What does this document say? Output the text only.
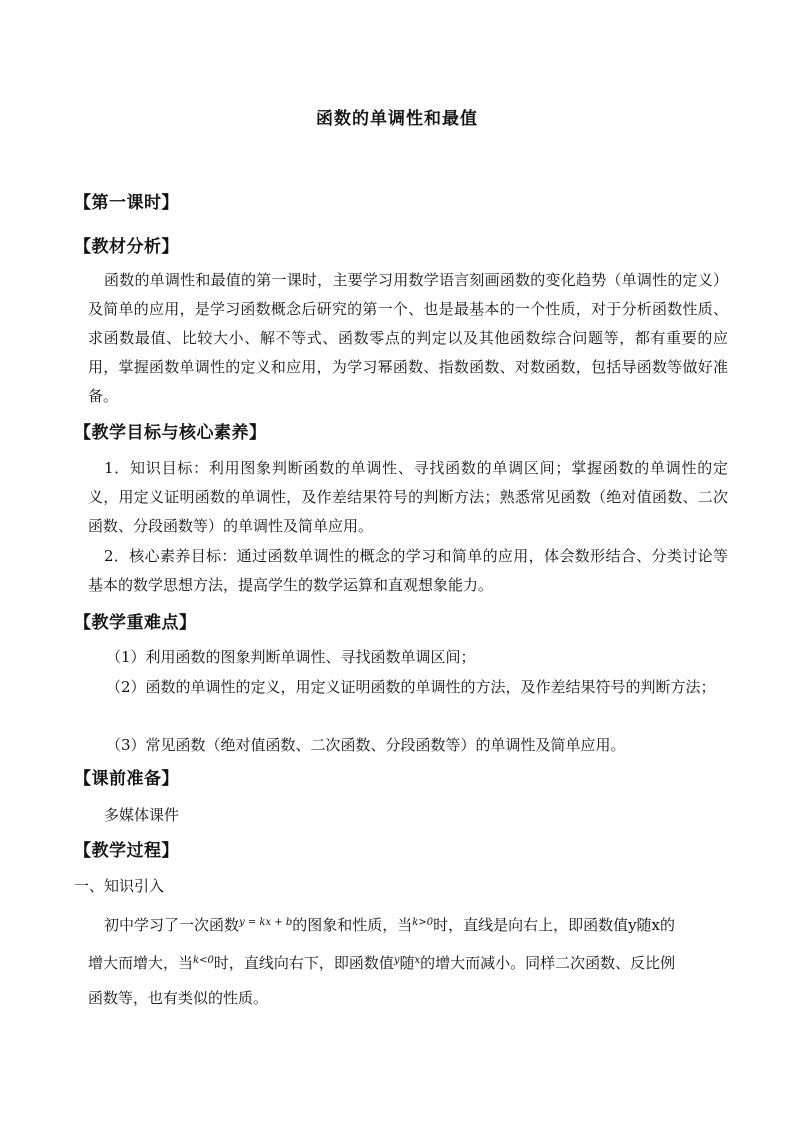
函数的单调性和最值
【第一课时】
【教材分析】
函数的单调性和最值的第一课时，主要学习用数学语言刻画函数的变化趋势（单调性的定义）及简单的应用，是学习函数概念后研究的第一个、也是最基本的一个性质，对于分析函数性质、求函数最值、比较大小、解不等式、函数零点的判定以及其他函数综合问题等，都有重要的应用，掌握函数单调性的定义和应用，为学习幂函数、指数函数、对数函数，包括导函数等做好准备。
【教学目标与核心素养】
1．知识目标：利用图象判断函数的单调性、寻找函数的单调区间；掌握函数的单调性的定义，用定义证明函数的单调性，及作差结果符号的判断方法；熟悉常见函数（绝对值函数、二次函数、分段函数等）的单调性及简单应用。
2．核心素养目标：通过函数单调性的概念的学习和简单的应用，体会数形结合、分类讨论等基本的数学思想方法，提高学生的数学运算和直观想象能力。
【教学重难点】
（1）利用函数的图象判断单调性、寻找函数单调区间；
（2）函数的单调性的定义，用定义证明函数的单调性的方法，及作差结果符号的判断方法；
（3）常见函数（绝对值函数、二次函数、分段函数等）的单调性及简单应用。
【课前准备】
多媒体课件
【教学过程】
一、知识引入
初中学习了一次函数$^{y = kx + b}$的图象和性质，当$^{k>0}$时，直线是向右上，即函数值y随x的
增大而增大，当$^{k<0}$时，直线向右下，即函数值$^y$随$^x$的增大而减小。同样二次函数、反比例
函数等，也有类似的性质。
